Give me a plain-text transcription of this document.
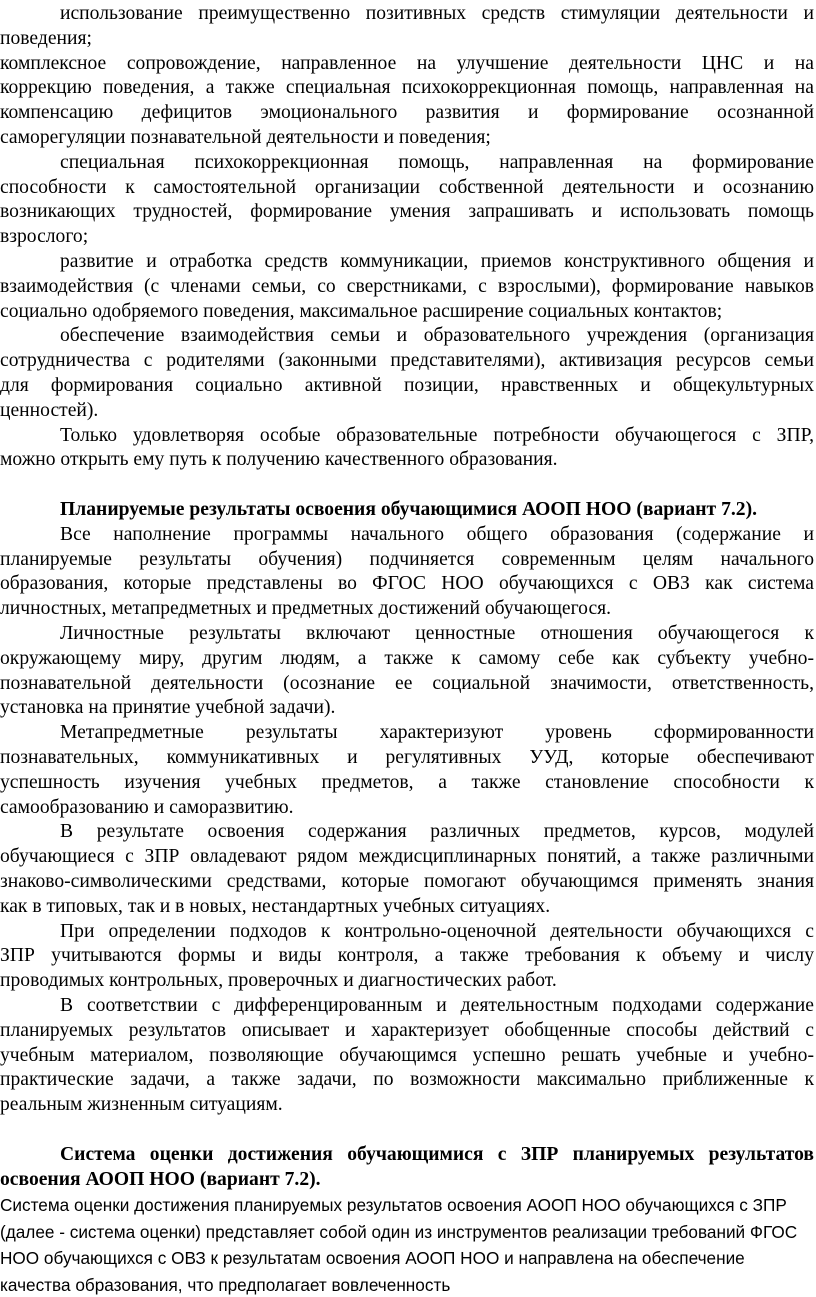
использование преимущественно позитивных средств стимуляции деятельности и
поведения;
комплексное сопровождение, направленное на улучшение деятельности ЦНС и на
коррекцию поведения, а также специальная психокоррекционная помощь, направленная на
компенсацию дефицитов эмоционального развития и формирование осознанной
саморегуляции познавательной деятельности и поведения;
специальная психокоррекционная помощь, направленная на формирование
способности к самостоятельной организации собственной деятельности и осознанию
возникающих трудностей, формирование умения запрашивать и использовать помощь
взрослого;
развитие и отработка средств коммуникации, приемов конструктивного общения и
взаимодействия (с членами семьи, со сверстниками, с взрослыми), формирование навыков
социально одобряемого поведения, максимальное расширение социальных контактов;
обеспечение взаимодействия семьи и образовательного учреждения (организация
сотрудничества с родителями (законными представителями), активизация ресурсов семьи
для формирования социально активной позиции, нравственных и общекультурных
ценностей).
Только удовлетворяя особые образовательные потребности обучающегося с ЗПР,
можно открыть ему путь к получению качественного образования.
Планируемые результаты освоения обучающимися АООП НОО (вариант 7.2).
Все наполнение программы начального общего образования (содержание и
планируемые результаты обучения) подчиняется современным целям начального
образования, которые представлены во ФГОС НОО обучающихся с ОВЗ как система
личностных, метапредметных и предметных достижений обучающегося.
Личностные результаты включают ценностные отношения обучающегося к
окружающему миру, другим людям, а также к самому себе как субъекту учебно-
познавательной деятельности (осознание ее социальной значимости, ответственность,
установка на принятие учебной задачи).
Метапредметные результаты характеризуют уровень сформированности
познавательных, коммуникативных и регулятивных УУД, которые обеспечивают
успешность изучения учебных предметов, а также становление способности к
самообразованию и саморазвитию.
В результате освоения содержания различных предметов, курсов, модулей
обучающиеся с ЗПР овладевают рядом междисциплинарных понятий, а также различными
знаково-символическими средствами, которые помогают обучающимся применять знания
как в типовых, так и в новых, нестандартных учебных ситуациях.
При определении подходов к контрольно-оценочной деятельности обучающихся с
ЗПР учитываются формы и виды контроля, а также требования к объему и числу
проводимых контрольных, проверочных и диагностических работ.
В соответствии с дифференцированным и деятельностным подходами содержание
планируемых результатов описывает и характеризует обобщенные способы действий с
учебным материалом, позволяющие обучающимся успешно решать учебные и учебно-
практические задачи, а также задачи, по возможности максимально приближенные к
реальным жизненным ситуациям.
Система оценки достижения обучающимися с ЗПР планируемых результатов
освоения АООП НОО (вариант 7.2).
Система оценки достижения планируемых результатов освоения АООП НОО обучающихся с ЗПР
(далее - система оценки) представляет собой один из инструментов реализации требований ФГОС
НОО обучающихся с ОВЗ к результатам освоения АООП НОО и направлена на обеспечение
качества образования, что предполагает вовлеченность
